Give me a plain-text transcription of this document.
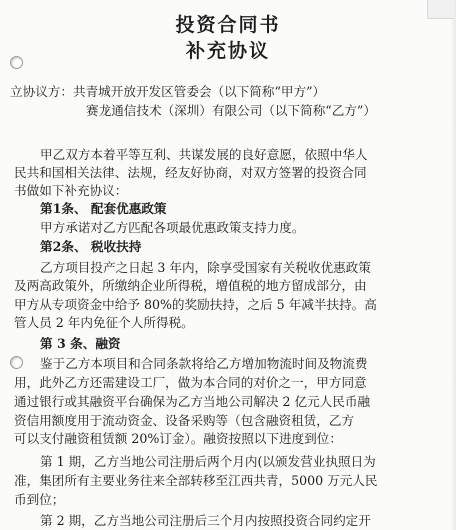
投资合同书
补充协议
立协议方：共青城开放开发区管委会（以下简称“甲方”）
赛龙通信技术（深圳）有限公司（以下简称“乙方”）
甲乙双方本着平等互利、共谋发展的良好意愿，依照中华人
民共和国相关法律、法规，经友好协商，对双方签署的投资合同
书做如下补充协议：
第1条、 配套优惠政策
甲方承诺对乙方匹配各项最优惠政策支持力度。
第2条、 税收扶持
乙方项目投产之日起 3 年内，除享受国家有关税收优惠政策
及两高政策外，所缴纳企业所得税，增值税的地方留成部分，由
甲方从专项资金中给予 80%的奖励扶持，之后 5 年减半扶持。高
管人员 2 年内免征个人所得税。
第 3 条、融资
鉴于乙方本项目和合同条款将给乙方增加物流时间及物流费
用，此外乙方还需建设工厂，做为本合同的对价之一，甲方同意
通过银行或其融资平台确保为乙方当地公司解决 2 亿元人民币融
资信用额度用于流动资金、设备采购等（包含融资租赁，乙方
可以支付融资租赁额 20%订金）。融资按照以下进度到位：
第 1 期，乙方当地公司注册后两个月内(以颁发营业执照日为
准，集团所有主要业务往来全部转移至江西共青，5000 万元人民
币到位；
第 2 期，乙方当地公司注册后三个月内按照投资合同约定开
